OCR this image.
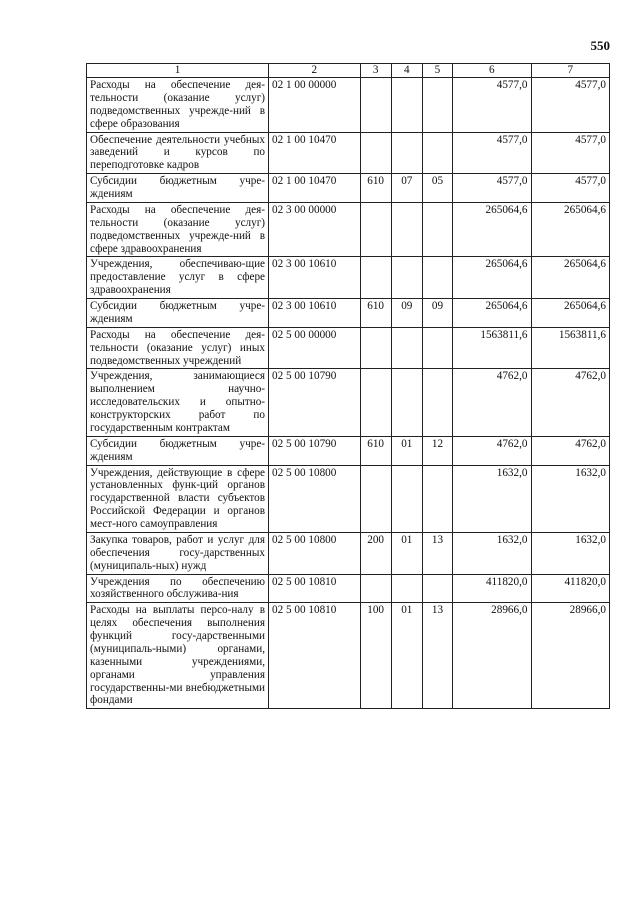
550
1	2	3	4	5	6	7
Расходы на обеспечение дея-тельности (оказание услуг) подведомственных учрежде-ний в сфере образования	02 1 00 00000				4577,0	4577,0
Обеспечение деятельности учебных заведений и курсов по переподготовке кадров	02 1 00 10470				4577,0	4577,0
Субсидии бюджетным учре-ждениям	02 1 00 10470	610	07	05	4577,0	4577,0
Расходы на обеспечение дея-тельности (оказание услуг) подведомственных учрежде-ний в сфере здравоохранения	02 3 00 00000				265064,6	265064,6
Учреждения, обеспечиваю-щие предоставление услуг в сфере здравоохранения	02 3 00 10610				265064,6	265064,6
Субсидии бюджетным учре-ждениям	02 3 00 10610	610	09	09	265064,6	265064,6
Расходы на обеспечение дея-тельности (оказание услуг) иных подведомственных учреждений	02 5 00 00000				1563811,6	1563811,6
Учреждения, занимающиеся выполнением научно-исследовательских и опытно-конструкторских работ по государственным контрактам	02 5 00 10790				4762,0	4762,0
Субсидии бюджетным учре-ждениям	02 5 00 10790	610	01	12	4762,0	4762,0
Учреждения, действующие в сфере установленных функ-ций органов государственной власти субъектов Российской Федерации и органов мест-ного самоуправления	02 5 00 10800				1632,0	1632,0
Закупка товаров, работ и услуг для обеспечения госу-дарственных (муниципаль-ных) нужд	02 5 00 10800	200	01	13	1632,0	1632,0
Учреждения по обеспечению хозяйственного обслужива-ния	02 5 00 10810				411820,0	411820,0
Расходы на выплаты персо-налу в целях обеспечения выполнения функций госу-дарственными (муниципаль-ными) органами, казенными учреждениями, органами управления государственны-ми внебюджетными фондами	02 5 00 10810	100	01	13	28966,0	28966,0
